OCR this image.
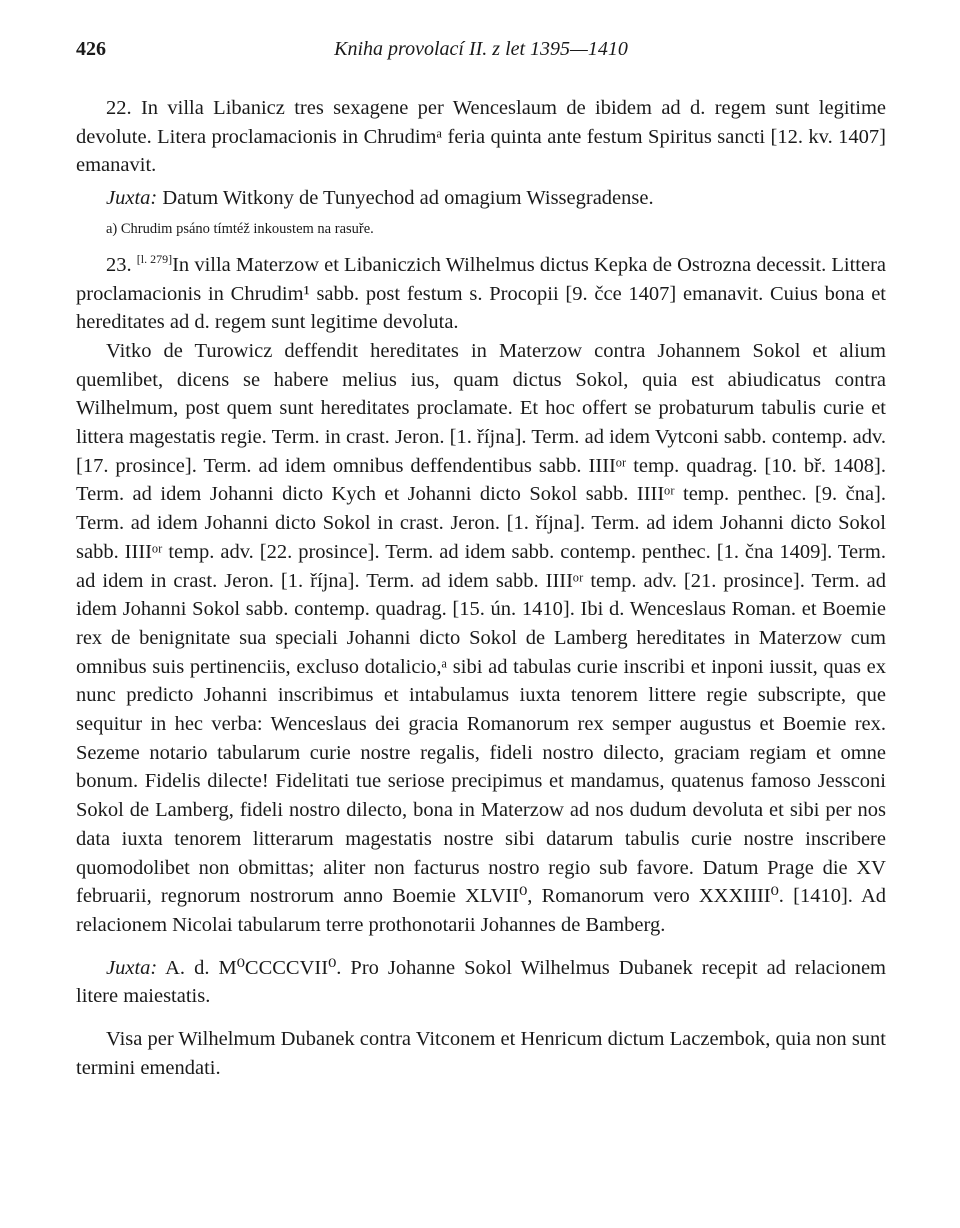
426	Kniha provolací II. z let 1395—1410

22. In villa Libanicz tres sexagene per Wenceslaum de ibidem ad d. regem sunt legitime devolute. Litera proclamacionis in Chrudimᵃ feria quinta ante festum Spiritus sancti [12. kv. 1407] emanavit.

Juxta: Datum Witkony de Tunyechod ad omagium Wissegradense.

a) Chrudim psáno tímtéž inkoustem na rasuře.

23. [l. 279]In villa Materzow et Libaniczich Wilhelmus dictus Kepka de Ostrozna decessit. Littera proclamacionis in Chrudim¹ sabb. post festum s. Procopii [9. čce 1407] emanavit. Cuius bona et hereditates ad d. regem sunt legitime devoluta.

Vitko de Turowicz deffendit hereditates in Materzow contra Johannem Sokol et alium quemlibet, dicens se habere melius ius, quam dictus Sokol, quia est abiudicatus contra Wilhelmum, post quem sunt hereditates proclamate. Et hoc offert se probaturum tabulis curie et littera magestatis regie. Term. in crast. Jeron. [1. října]. Term. ad idem Vytconi sabb. contemp. adv. [17. prosince]. Term. ad idem omnibus deffendentibus sabb. IIIIᵒʳ temp. quadrag. [10. bř. 1408]. Term. ad idem Johanni dicto Kych et Johanni dicto Sokol sabb. IIIIᵒʳ temp. penthec. [9. čna]. Term. ad idem Johanni dicto Sokol in crast. Jeron. [1. října]. Term. ad idem Johanni dicto Sokol sabb. IIIIᵒʳ temp. adv. [22. prosince]. Term. ad idem sabb. contemp. penthec. [1. čna 1409]. Term. ad idem in crast. Jeron. [1. října]. Term. ad idem sabb. IIIIᵒʳ temp. adv. [21. prosince]. Term. ad idem Johanni Sokol sabb. contemp. quadrag. [15. ún. 1410]. Ibi d. Wenceslaus Roman. et Boemie rex de benignitate sua speciali Johanni dicto Sokol de Lamberg hereditates in Materzow cum omnibus suis pertinenciis, excluso dotalicio,ᵃ sibi ad tabulas curie inscribi et inponi iussit, quas ex nunc predicto Johanni inscribimus et intabulamus iuxta tenorem littere regie subscripte, que sequitur in hec verba: Wenceslaus dei gracia Romanorum rex semper augustus et Boemie rex. Sezeme notario tabularum curie nostre regalis, fideli nostro dilecto, graciam regiam et omne bonum. Fidelis dilecte! Fidelitati tue seriose precipimus et mandamus, quatenus famoso Jessconi Sokol de Lamberg, fideli nostro dilecto, bona in Materzow ad nos dudum devoluta et sibi per nos data iuxta tenorem litterarum magestatis nostre sibi datarum tabulis curie nostre inscribere quomodolibet non obmittas; aliter non facturus nostro regio sub favore. Datum Prage die XV februarii, regnorum nostrorum anno Boemie XLVII⁰, Romanorum vero XXXIIII⁰. [1410]. Ad relacionem Nicolai tabularum terre prothonotarii Johannes de Bamberg.

Juxta: A. d. M⁰CCCCVII⁰. Pro Johanne Sokol Wilhelmus Dubanek recepit ad relacionem litere maiestatis.

Visa per Wilhelmum Dubanek contra Vitconem et Henricum dictum Laczembok, quia non sunt termini emendati.
